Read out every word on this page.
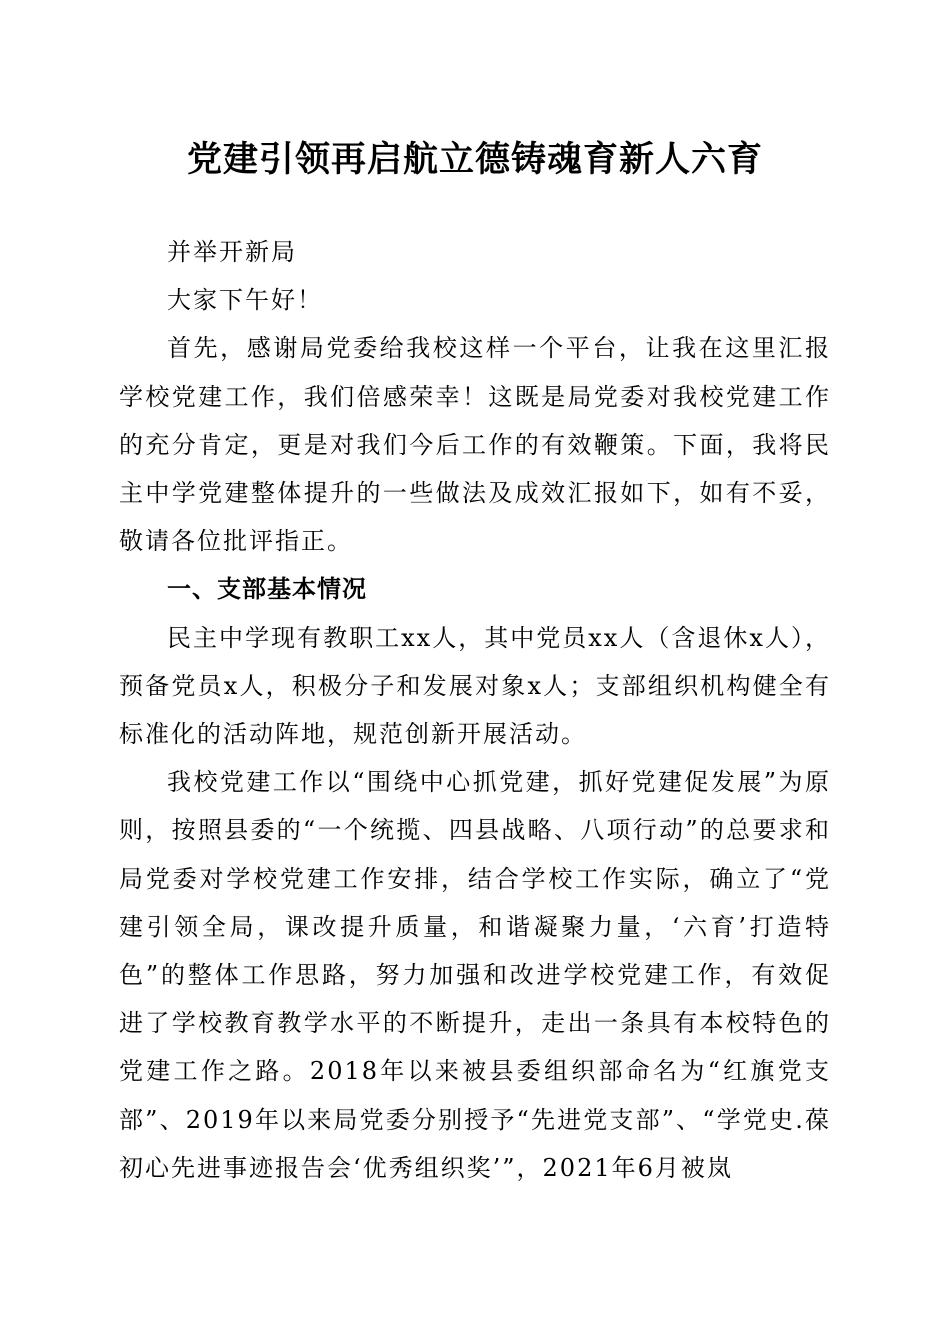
党建引领再启航立德铸魂育新人六育

并举开新局

大家下午好！

首先，感谢局党委给我校这样一个平台，让我在这里汇报学校党建工作，我们倍感荣幸！这既是局党委对我校党建工作的充分肯定，更是对我们今后工作的有效鞭策。下面，我将民主中学党建整体提升的一些做法及成效汇报如下，如有不妥，敬请各位批评指正。

一、支部基本情况

民主中学现有教职工xx人，其中党员xx人（含退休x人），预备党员x人，积极分子和发展对象x人；支部组织机构健全有标准化的活动阵地，规范创新开展活动。

我校党建工作以“围绕中心抓党建，抓好党建促发展”为原则，按照县委的“一个统揽、四县战略、八项行动”的总要求和局党委对学校党建工作安排，结合学校工作实际，确立了“党建引领全局，课改提升质量，和谐凝聚力量，‘六育’打造特色”的整体工作思路，努力加强和改进学校党建工作，有效促进了学校教育教学水平的不断提升，走出一条具有本校特色的党建工作之路。2018年以来被县委组织部命名为“红旗党支部”、2019年以来局党委分别授予“先进党支部”、“学党史.葆初心先进事迹报告会‘优秀组织奖’”，2021年6月被岚
